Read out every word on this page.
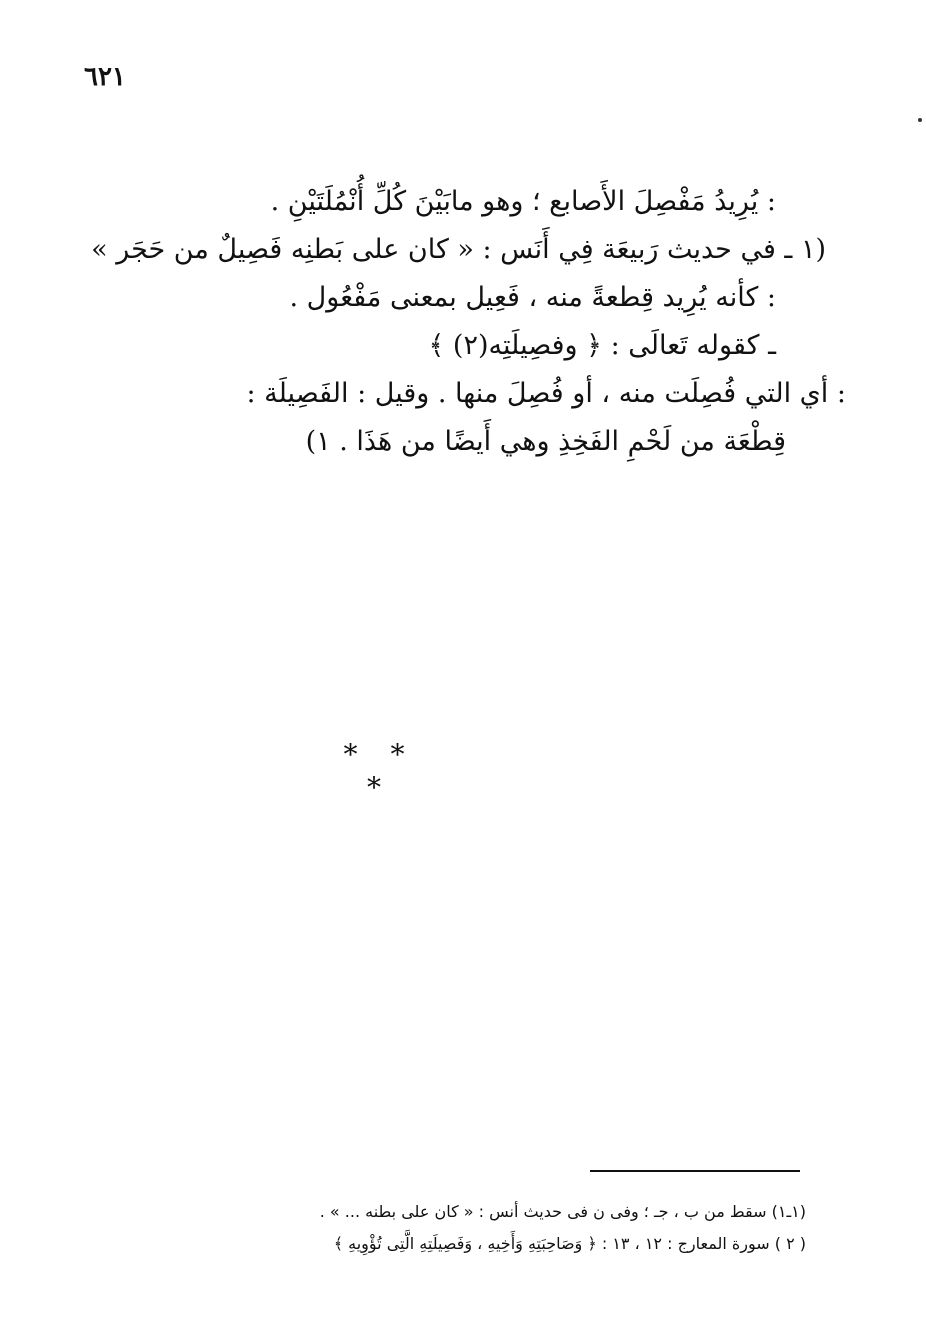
٦٢١
: يُرِيدُ مَفْصِلَ الأَصابع ؛ وهو مابَيْنَ كُلِّ أُنْمُلَتَيْنِ .
(١ ـ في حديث رَبيعَة فِي أَنَس : « كان على بَطنِه فَصِيلٌ من حَجَر »
: كأنه يُرِيد قِطعةً منه ، فَعِيل بمعنى مَفْعُول .
ـ كقوله تَعالَى : ﴿ وفصِيلَتِه(٢) ﴾
: أي التي فُصِلَت منه ، أو فُصِلَ منها . وقيل : الفَصِيلَة :
قِطْعَة من لَحْمِ الفَخِذِ وهي أَيضًا من هَذَا . ١)
* * *
(١ـ١) سقط من ب ، جـ ؛ وفى ن فى حديث أنس : « كان على بطنه ... » .
( ٢ ) سورة المعارج : ١٢ ، ١٣ : ﴿ وَصَاحِبَتِهِ وَأَخِيهِ ، وَفَصِيلَتِهِ الَّتِى تُؤْوِيهِ ﴾
